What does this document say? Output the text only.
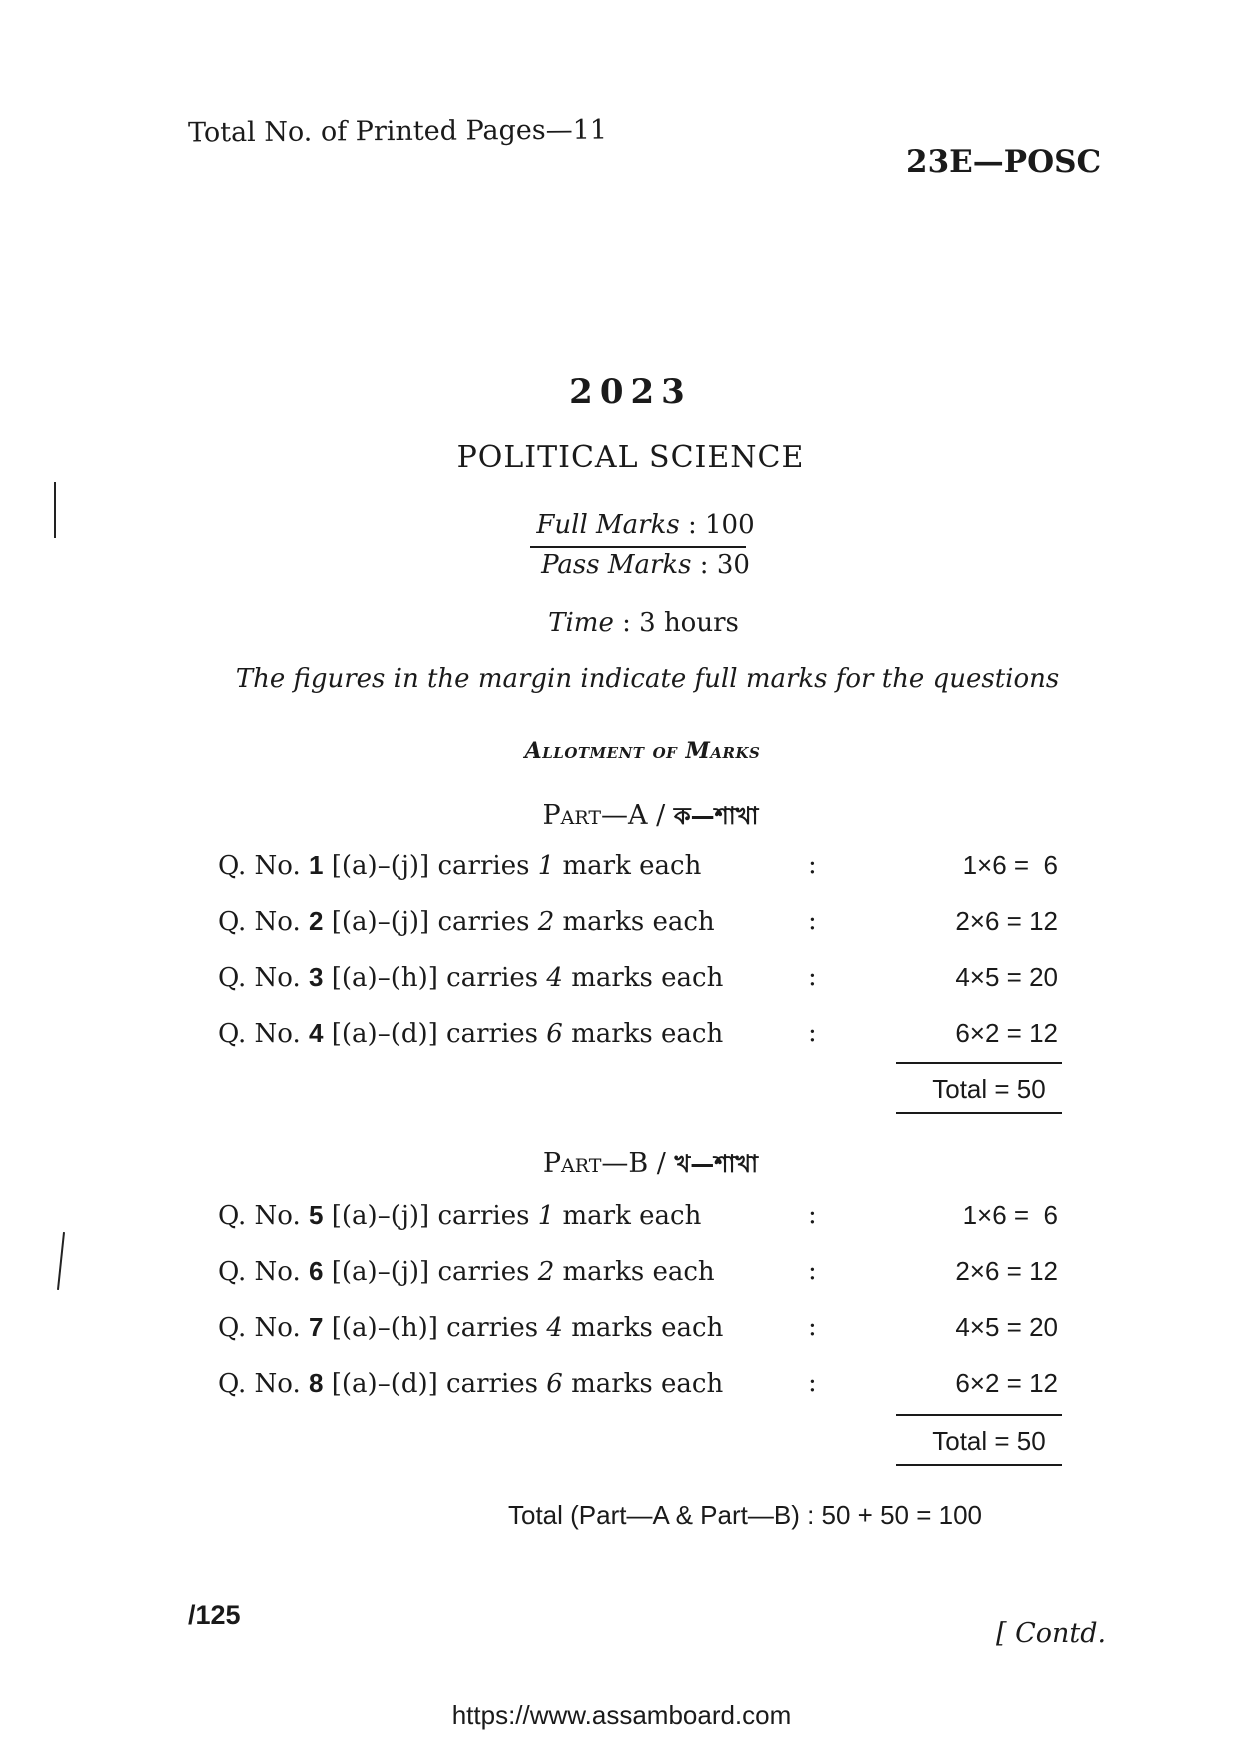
Total No. of Printed Pages—11
23E—POSC
2023
POLITICAL SCIENCE
Full Marks : 100
Pass Marks : 30
Time : 3 hours
The figures in the margin indicate full marks for the questions
Allotment of Marks
Part—A / ক—শাখা
Q. No. 1 [(a)–(j)] carries 1 mark each	:	1×6 =  6
Q. No. 2 [(a)–(j)] carries 2 marks each	:	2×6 = 12
Q. No. 3 [(a)–(h)] carries 4 marks each	:	4×5 = 20
Q. No. 4 [(a)–(d)] carries 6 marks each	:	6×2 = 12
Total = 50
Part—B / খ—শাখা
Q. No. 5 [(a)–(j)] carries 1 mark each	:	1×6 =  6
Q. No. 6 [(a)–(j)] carries 2 marks each	:	2×6 = 12
Q. No. 7 [(a)–(h)] carries 4 marks each	:	4×5 = 20
Q. No. 8 [(a)–(d)] carries 6 marks each	:	6×2 = 12
Total = 50
Total (Part—A & Part—B) : 50 + 50 = 100
/125
[ Contd.
https://www.assamboard.com
